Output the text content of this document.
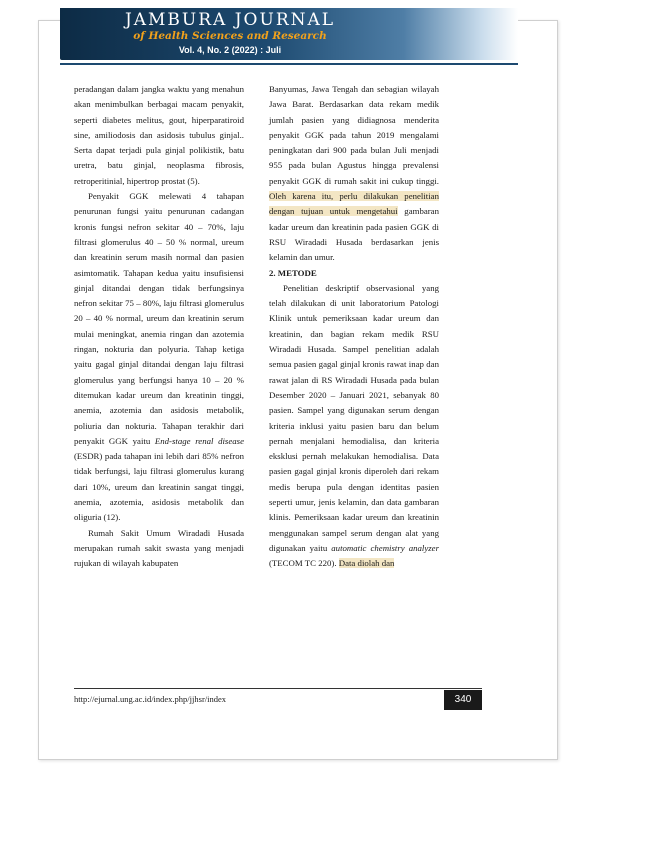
JAMBURA JOURNAL
of Health Sciences and Research
Vol. 4, No. 2 (2022) : Juli

peradangan dalam jangka waktu yang menahun akan menimbulkan berbagai macam penyakit, seperti diabetes melitus, gout, hiperparatiroid sine, amiliodosis dan asidosis tubulus ginjal.. Serta dapat terjadi pula ginjal polikistik, batu uretra, batu ginjal, neoplasma fibrosis, retroperitinial, hipertrop prostat (5).

Penyakit GGK melewati 4 tahapan penurunan fungsi yaitu penurunan cadangan kronis fungsi nefron sekitar 40 – 70%, laju filtrasi glomerulus 40 – 50 % normal, ureum dan kreatinin serum masih normal dan pasien asimtomatik. Tahapan kedua yaitu insufisiensi ginjal ditandai dengan tidak berfungsinya nefron sekitar 75 – 80%, laju filtrasi glomerulus 20 – 40 % normal, ureum dan kreatinin serum mulai meningkat, anemia ringan dan azotemia ringan, nokturia dan polyuria. Tahap ketiga yaitu gagal ginjal ditandai dengan laju filtrasi glomerulus yang berfungsi hanya 10 – 20 % ditemukan kadar ureum dan kreatinin tinggi, anemia, azotemia dan asidosis metabolik, poliuria dan nokturia. Tahapan terakhir dari penyakit GGK yaitu End-stage renal disease (ESDR) pada tahapan ini lebih dari 85% nefron tidak berfungsi, laju filtrasi glomerulus kurang dari 10%, ureum dan kreatinin sangat tinggi, anemia, azotemia, asidosis metabolik dan oliguria (12).

Rumah Sakit Umum Wiradadi Husada merupakan rumah sakit swasta yang menjadi rujukan di wilayah kabupaten

Banyumas, Jawa Tengah dan sebagian wilayah Jawa Barat. Berdasarkan data rekam medik jumlah pasien yang didiagnosa menderita penyakit GGK pada tahun 2019 mengalami peningkatan dari 900 pada bulan Juli menjadi 955 pada bulan Agustus hingga prevalensi penyakit GGK di rumah sakit ini cukup tinggi. Oleh karena itu, perlu dilakukan penelitian dengan tujuan untuk mengetahui gambaran kadar ureum dan kreatinin pada pasien GGK di RSU Wiradadi Husada berdasarkan jenis kelamin dan umur.

2. METODE

Penelitian deskriptif observasional yang telah dilakukan di unit laboratorium Patologi Klinik untuk pemeriksaan kadar ureum dan kreatinin, dan bagian rekam medik RSU Wiradadi Husada. Sampel penelitian adalah semua pasien gagal ginjal kronis rawat inap dan rawat jalan di RS Wiradadi Husada pada bulan Desember 2020 – Januari 2021, sebanyak 80 pasien. Sampel yang digunakan serum dengan kriteria inklusi yaitu pasien baru dan belum pernah menjalani hemodialisa, dan kriteria eksklusi pernah melakukan hemodialisa. Data pasien gagal ginjal kronis diperoleh dari rekam medis berupa pula dengan identitas pasien seperti umur, jenis kelamin, dan data gambaran klinis. Pemeriksaan kadar ureum dan kreatinin menggunakan sampel serum dengan alat yang digunakan yaitu automatic chemistry analyzer (TECOM TC 220). Data diolah dan

http://ejurnal.ung.ac.id/index.php/jjhsr/index	340
